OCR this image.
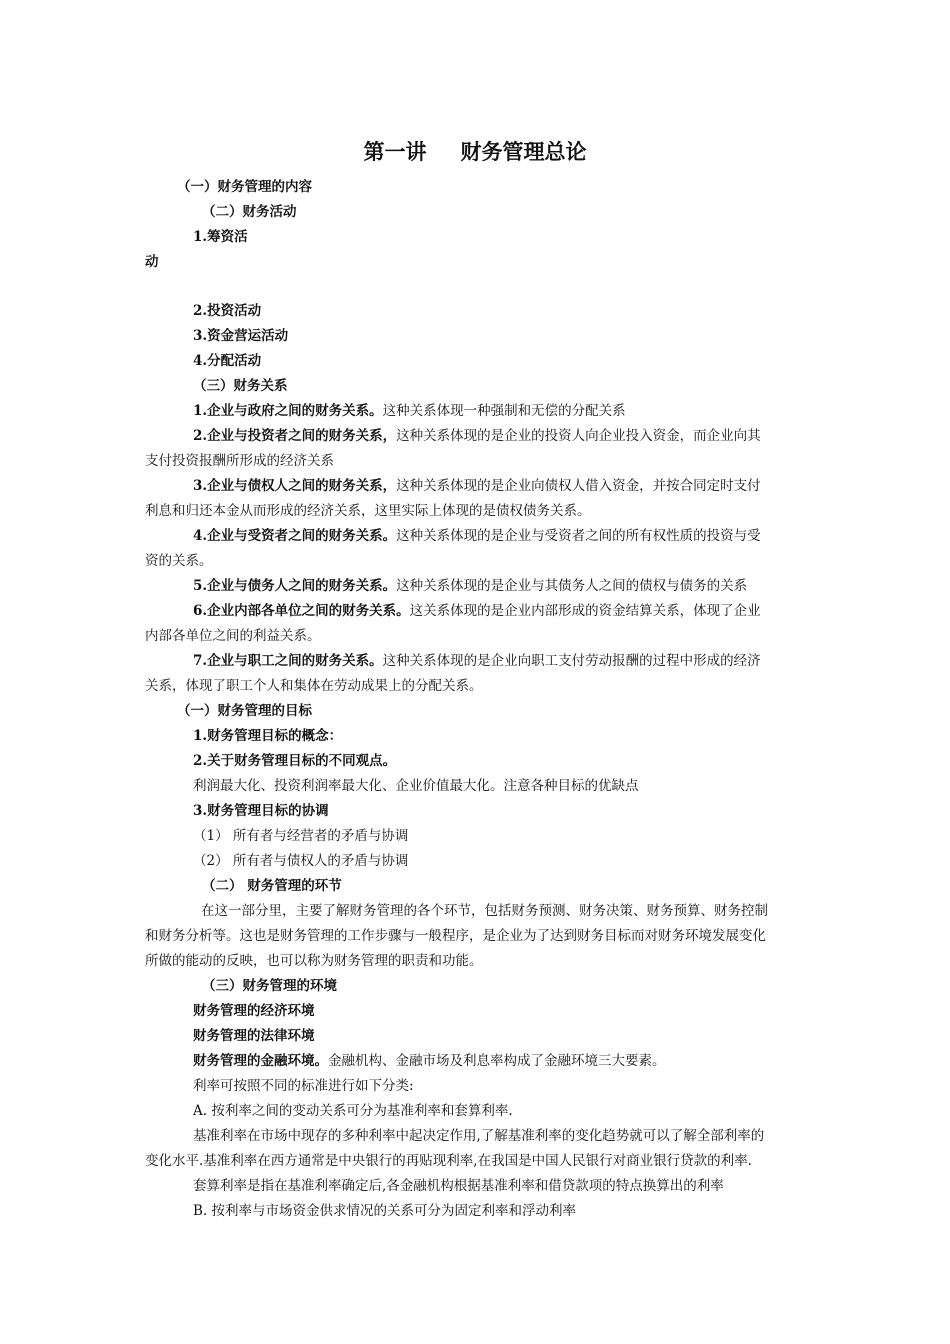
第一讲 财务管理总论
（一）财务管理的内容
（二）财务活动
1.筹资活
动
2.投资活动
3.资金营运活动
4.分配活动
（三）财务关系
1.企业与政府之间的财务关系。这种关系体现一种强制和无偿的分配关系
2.企业与投资者之间的财务关系，这种关系体现的是企业的投资人向企业投入资金，而企业向其
支付投资报酬所形成的经济关系
3.企业与债权人之间的财务关系，这种关系体现的是企业向债权人借入资金，并按合同定时支付
利息和归还本金从而形成的经济关系，这里实际上体现的是债权债务关系。
4.企业与受资者之间的财务关系。这种关系体现的是企业与受资者之间的所有权性质的投资与受
资的关系。
5.企业与债务人之间的财务关系。这种关系体现的是企业与其债务人之间的债权与债务的关系
6.企业内部各单位之间的财务关系。这关系体现的是企业内部形成的资金结算关系，体现了企业
内部各单位之间的利益关系。
7.企业与职工之间的财务关系。这种关系体现的是企业向职工支付劳动报酬的过程中形成的经济
关系，体现了职工个人和集体在劳动成果上的分配关系。
（一）财务管理的目标
1.财务管理目标的概念：
2.关于财务管理目标的不同观点。
利润最大化、投资利润率最大化、企业价值最大化。注意各种目标的优缺点
3.财务管理目标的协调
（1） 所有者与经营者的矛盾与协调
（2） 所有者与债权人的矛盾与协调
（二） 财务管理的环节
在这一部分里，主要了解财务管理的各个环节，包括财务预测、财务决策、财务预算、财务控制
和财务分析等。这也是财务管理的工作步骤与一般程序，是企业为了达到财务目标而对财务环境发展变化
所做的能动的反映，也可以称为财务管理的职责和功能。
（三）财务管理的环境
财务管理的经济环境
财务管理的法律环境
财务管理的金融环境。金融机构、金融市场及利息率构成了金融环境三大要素。
利率可按照不同的标准进行如下分类:
A. 按利率之间的变动关系可分为基准利率和套算利率.
基准利率在市场中现存的多种利率中起决定作用,了解基准利率的变化趋势就可以了解全部利率的
变化水平.基准利率在西方通常是中央银行的再贴现利率,在我国是中国人民银行对商业银行贷款的利率.
套算利率是指在基准利率确定后,各金融机构根据基准利率和借贷款项的特点换算出的利率
B. 按利率与市场资金供求情况的关系可分为固定利率和浮动利率
